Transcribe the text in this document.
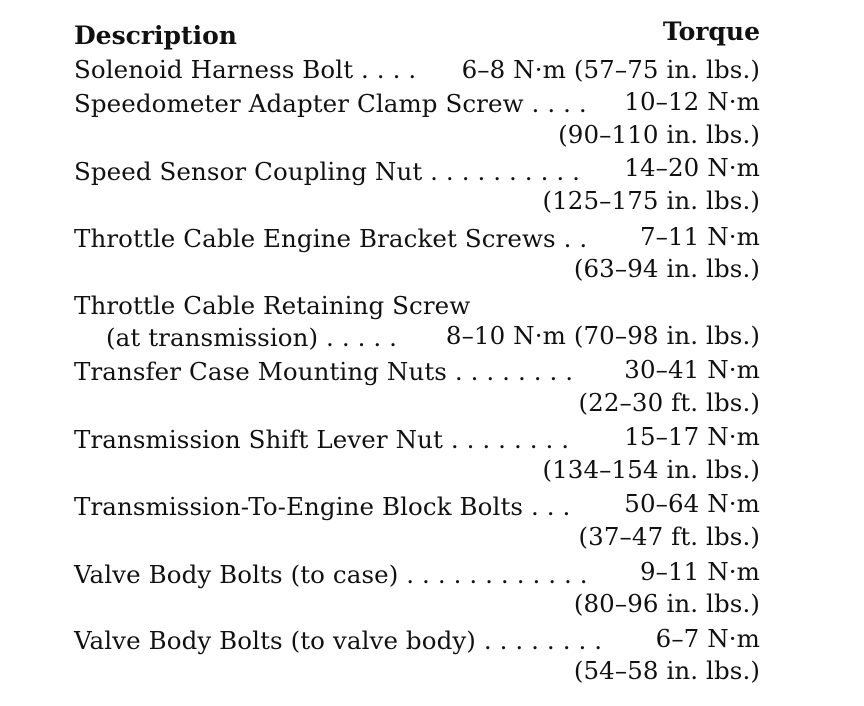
Description	Torque
Solenoid Harness Bolt . . . . 6–8 N·m (57–75 in. lbs.)
Speedometer Adapter Clamp Screw . . . . 10–12 N·m
(90–110 in. lbs.)
Speed Sensor Coupling Nut . . . . . . . . . . 14–20 N·m
(125–175 in. lbs.)
Throttle Cable Engine Bracket Screws . . 7–11 N·m
(63–94 in. lbs.)
Throttle Cable Retaining Screw
(at transmission) . . . . . 8–10 N·m (70–98 in. lbs.)
Transfer Case Mounting Nuts . . . . . . . . 30–41 N·m
(22–30 ft. lbs.)
Transmission Shift Lever Nut . . . . . . . . 15–17 N·m
(134–154 in. lbs.)
Transmission-To-Engine Block Bolts . . . 50–64 N·m
(37–47 ft. lbs.)
Valve Body Bolts (to case) . . . . . . . . . . . . 9–11 N·m
(80–96 in. lbs.)
Valve Body Bolts (to valve body) . . . . . . . . 6–7 N·m
(54–58 in. lbs.)
